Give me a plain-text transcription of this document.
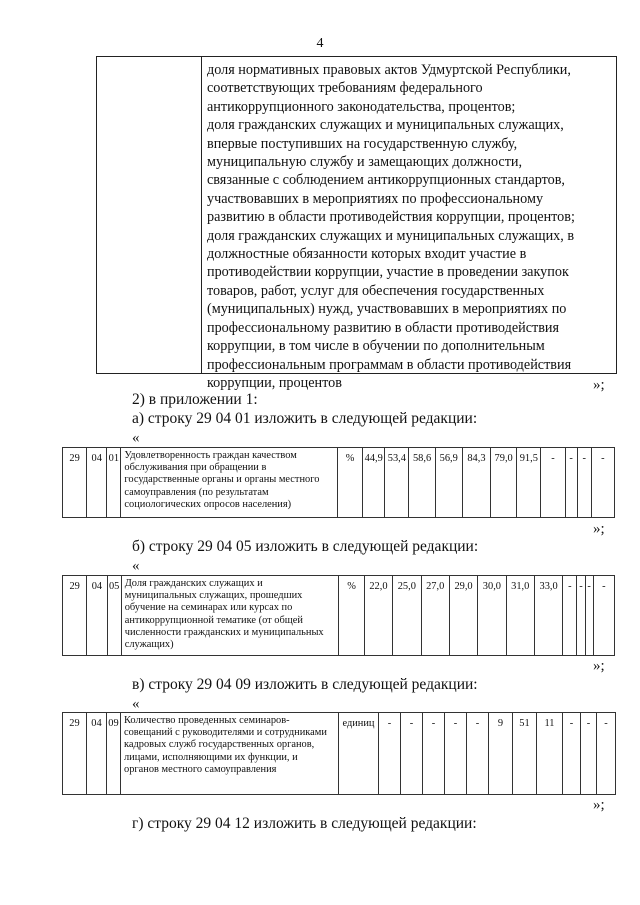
4
доля нормативных правовых актов Удмуртской Республики,
соответствующих требованиям федерального
антикоррупционного законодательства, процентов;
доля гражданских служащих и муниципальных служащих,
впервые поступивших на государственную службу,
муниципальную службу и замещающих должности,
связанные с соблюдением антикоррупционных стандартов,
участвовавших в мероприятиях по профессиональному
развитию в области противодействия коррупции, процентов;
доля гражданских служащих и муниципальных служащих, в
должностные обязанности которых входит участие в
противодействии коррупции, участие в проведении закупок
товаров, работ, услуг для обеспечения государственных
(муниципальных) нужд, участвовавших в мероприятиях по
профессиональному развитию в области противодействия
коррупции, в том числе в обучении по дополнительным
профессиональным программам в области противодействия
коррупции, процентов	»;
2) в приложении 1:
а) строку 29 04 01 изложить в следующей редакции:
«
29	04	01	Удовлетворенность граждан качеством обслуживания при обращении в государственные органы и органы местного самоуправления (по результатам социологических опросов населения)	%	44,9	53,4	58,6	56,9	84,3	79,0	91,5	-	-	-	-
»;
б) строку 29 04 05 изложить в следующей редакции:
«
29	04	05	Доля гражданских служащих и муниципальных служащих, прошедших обучение на семинарах или курсах по антикоррупционной тематике (от общей численности гражданских и муниципальных служащих)	%	22,0	25,0	27,0	29,0	30,0	31,0	33,0	-	-	-	-
»;
в) строку 29 04 09 изложить в следующей редакции:
«
29	04	09	Количество проведенных семинаров-совещаний с руководителями и сотрудниками кадровых служб государственных органов, лицами, исполняющими их функции, и органов местного самоуправления	единиц	-	-	-	-	-	9	51	11	-	-	-
»;
г) строку 29 04 12 изложить в следующей редакции:
